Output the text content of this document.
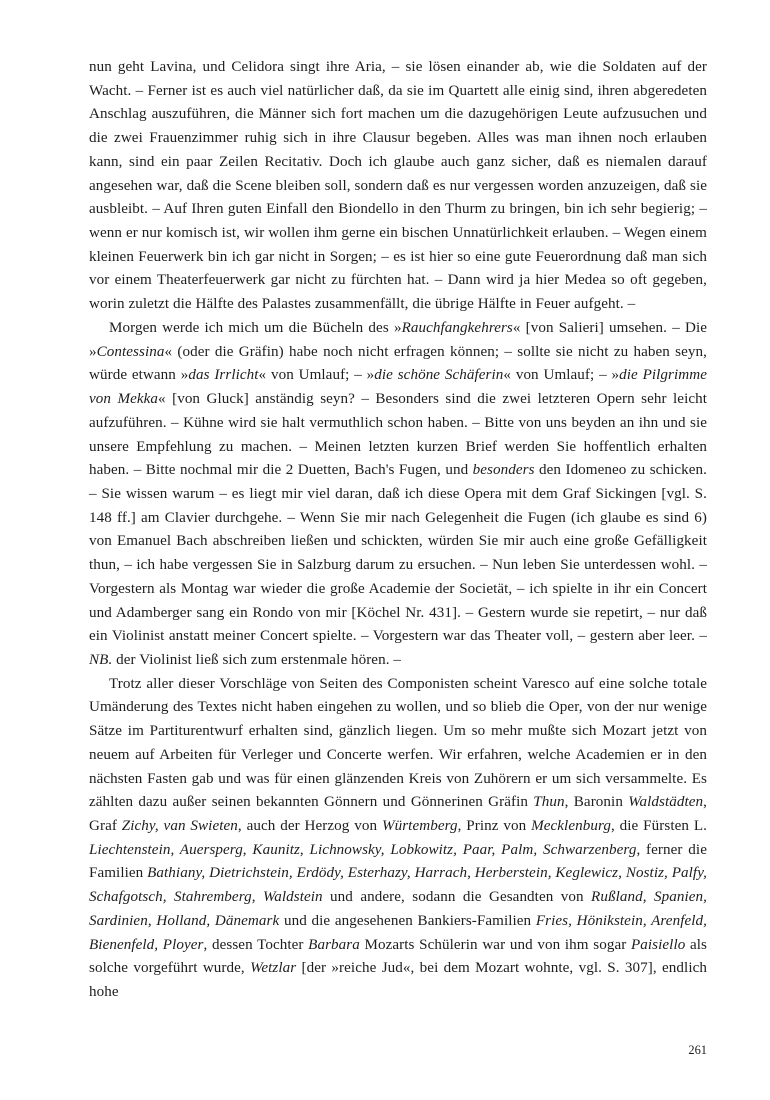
nun geht Lavina, und Celidora singt ihre Aria, – sie lösen einander ab, wie die Soldaten auf der Wacht. – Ferner ist es auch viel natürlicher daß, da sie im Quartett alle einig sind, ihren abgeredeten Anschlag auszuführen, die Männer sich fort machen um die dazugehörigen Leute aufzusuchen und die zwei Frauenzimmer ruhig sich in ihre Clausur begeben. Alles was man ihnen noch erlauben kann, sind ein paar Zeilen Recitativ. Doch ich glaube auch ganz sicher, daß es niemalen darauf angesehen war, daß die Scene bleiben soll, sondern daß es nur vergessen worden anzuzeigen, daß sie ausbleibt. – Auf Ihren guten Einfall den Biondello in den Thurm zu bringen, bin ich sehr begierig; – wenn er nur komisch ist, wir wollen ihm gerne ein bischen Unnatürlichkeit erlauben. – Wegen einem kleinen Feuerwerk bin ich gar nicht in Sorgen; – es ist hier so eine gute Feuerordnung daß man sich vor einem Theaterfeuerwerk gar nicht zu fürchten hat. – Dann wird ja hier Medea so oft gegeben, worin zuletzt die Hälfte des Palastes zusammenfällt, die übrige Hälfte in Feuer aufgeht. –

Morgen werde ich mich um die Bücheln des »Rauchfangkehrers« [von Salieri] umsehen. – Die »Contessina« (oder die Gräfin) habe noch nicht erfragen können; – sollte sie nicht zu haben seyn, würde etwann »das Irrlicht« von Umlauf; – »die schöne Schäferin« von Umlauf; – »die Pilgrimme von Mekka« [von Gluck] anständig seyn? – Besonders sind die zwei letzteren Opern sehr leicht aufzuführen. – Kühne wird sie halt vermuthlich schon haben. – Bitte von uns beyden an ihn und sie unsere Empfehlung zu machen. – Meinen letzten kurzen Brief werden Sie hoffentlich erhalten haben. – Bitte nochmal mir die 2 Duetten, Bach's Fugen, und besonders den Idomeneo zu schicken. – Sie wissen warum – es liegt mir viel daran, daß ich diese Opera mit dem Graf Sickingen [vgl. S. 148 ff.] am Clavier durchgehe. – Wenn Sie mir nach Gelegenheit die Fugen (ich glaube es sind 6) von Emanuel Bach abschreiben ließen und schickten, würden Sie mir auch eine große Gefälligkeit thun, – ich habe vergessen Sie in Salzburg darum zu ersuchen. – Nun leben Sie unterdessen wohl. – Vorgestern als Montag war wieder die große Academie der Societät, – ich spielte in ihr ein Concert und Adamberger sang ein Rondo von mir [Köchel Nr. 431]. – Gestern wurde sie repetirt, – nur daß ein Violinist anstatt meiner Concert spielte. – Vorgestern war das Theater voll, – gestern aber leer. – NB. der Violinist ließ sich zum erstenmale hören. –

Trotz aller dieser Vorschläge von Seiten des Componisten scheint Varesco auf eine solche totale Umänderung des Textes nicht haben eingehen zu wollen, und so blieb die Oper, von der nur wenige Sätze im Partiturentwurf erhalten sind, gänzlich liegen. Um so mehr mußte sich Mozart jetzt von neuem auf Arbeiten für Verleger und Concerte werfen. Wir erfahren, welche Academien er in den nächsten Fasten gab und was für einen glänzenden Kreis von Zuhörern er um sich versammelte. Es zählten dazu außer seinen bekannten Gönnern und Gönnerinen Gräfin Thun, Baronin Waldstädten, Graf Zichy, van Swieten, auch der Herzog von Würtemberg, Prinz von Mecklenburg, die Fürsten L. Liechtenstein, Auersperg, Kaunitz, Lichnowsky, Lobkowitz, Paar, Palm, Schwarzenberg, ferner die Familien Bathiany, Dietrichstein, Erdödy, Esterhazy, Harrach, Herberstein, Keglewicz, Nostiz, Palfy, Schafgotsch, Stahremberg, Waldstein und andere, sodann die Gesandten von Rußland, Spanien, Sardinien, Holland, Dänemark und die angesehenen Bankiers-Familien Fries, Hönikstein, Arenfeld, Bienenfeld, Ployer, dessen Tochter Barbara Mozarts Schülerin war und von ihm sogar Paisiello als solche vorgeführt wurde, Wetzlar [der »reiche Jud«, bei dem Mozart wohnte, vgl. S. 307], endlich hohe

261
